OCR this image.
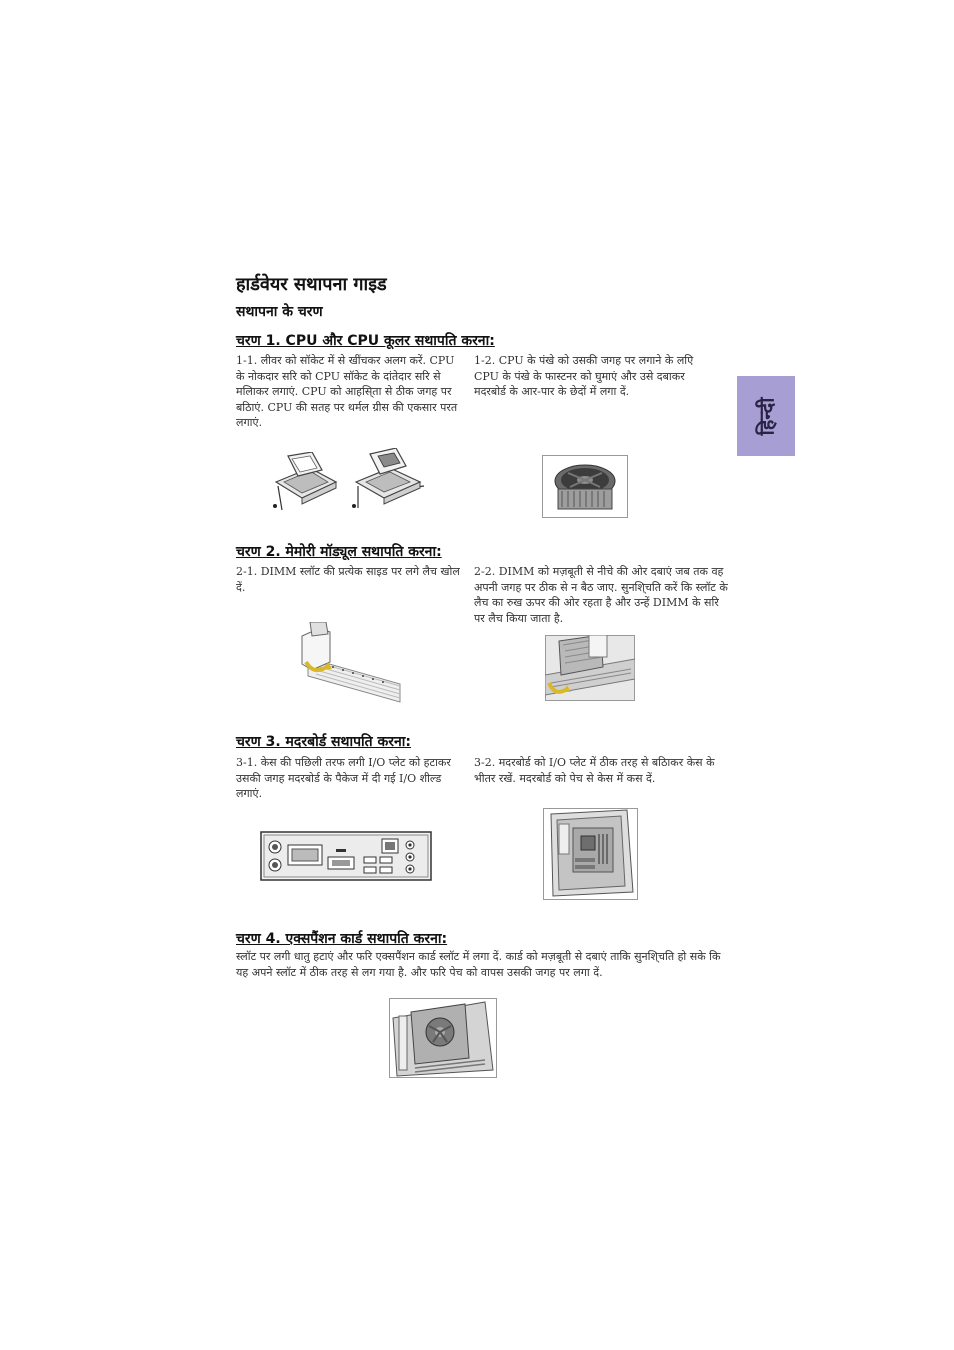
हिन्दी
हार्डवेयर सथापना गाइड
सथापना के चरण
चरण 1. CPU और CPU कूलर सथापति करना:
1-1. लीवर को सॉकेट में से खींचकर अलग करें. CPU के नोकदार सरि को CPU सॉकेट के दांतेदार सरि से मलिाकर लगाएं. CPU को आहसि्ता से ठीक जगह पर बठिाएं. CPU की सतह पर थर्मल ग्रीस की एकसार परत लगाएं.
1-2. CPU के पंखे को उसकी जगह पर लगाने के लएि CPU के पंखे के फास्टनर को घुमाएं और उसे दबाकर मदरबोर्ड के आर-पार के छेदों में लगा दें.
चरण 2. मेमोरी मॉड्यूल सथापति करना:
2-1. DIMM स्लॉट की प्रत्येक साइड पर लगे लैच खोल दें.
2-2. DIMM को मज़बूती से नीचे की ओर दबाएं जब तक वह अपनी जगह पर ठीक से न बैठ जाए. सुनशि्चति करें कि स्लॉट के लैच का रुख ऊपर की ओर रहता है और उन्हें DIMM के सरि पर लैच किया जाता है.
चरण 3. मदरबोर्ड सथापति करना:
3-1. केस की पछिली तरफ लगी I/O प्लेट को हटाकर उसकी जगह मदरबोर्ड के पैकेज में दी गई I/O शील्ड लगाएं.
3-2. मदरबोर्ड को I/O प्लेट में ठीक तरह से बठिाकर केस के भीतर रखें. मदरबोर्ड को पेच से केस में कस दें.
चरण 4. एक्सपैंशन कार्ड सथापति करना:
स्लॉट पर लगी धातु हटाएं और फरि एक्सपैंशन कार्ड स्लॉट में लगा दें. कार्ड को मज़बूती से दबाएं ताकि सुनशि्चति हो सके कि यह अपने स्लॉट में ठीक तरह से लग गया है. और फरि पेच को वापस उसकी जगह पर लगा दें.
